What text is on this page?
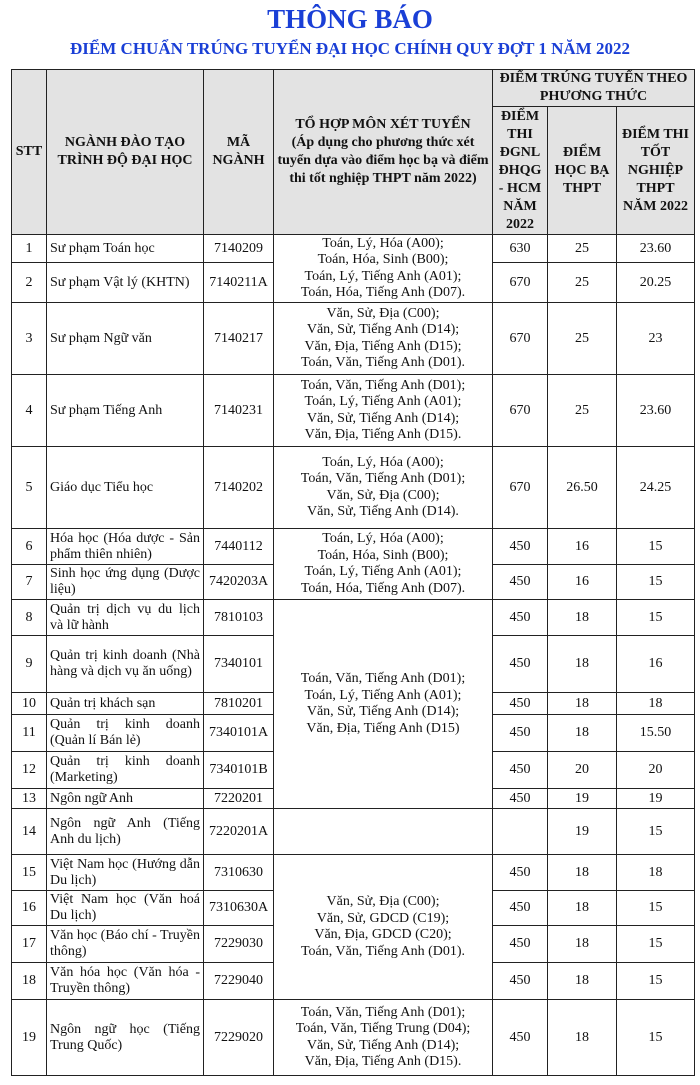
THÔNG BÁO
ĐIỂM CHUẨN TRÚNG TUYỂN ĐẠI HỌC CHÍNH QUY ĐỢT 1 NĂM 2022
STT	NGÀNH ĐÀO TẠO TRÌNH ĐỘ ĐẠI HỌC	MÃ NGÀNH	TỔ HỢP MÔN XÉT TUYỂN
(Áp dụng cho phương thức xét tuyển dựa vào điểm học bạ và điểm thi tốt nghiệp THPT năm 2022)	ĐIỂM TRÚNG TUYỂN THEO PHƯƠNG THỨC		
				ĐIỂM THI ĐGNL ĐHQG - HCM NĂM 2022	ĐIỂM HỌC BẠ THPT	ĐIỂM THI TỐT NGHIỆP THPT NĂM 2022
1	Sư phạm Toán học	7140209	Toán, Lý, Hóa (A00);
Toán, Hóa, Sinh (B00);
Toán, Lý, Tiếng Anh (A01);
Toán, Hóa, Tiếng Anh (D07).	630	25	23.60
2	Sư phạm Vật lý (KHTN)	7140211A		670	25	20.25
3	Sư phạm Ngữ văn	7140217	Văn, Sử, Địa (C00);
Văn, Sử, Tiếng Anh (D14);
Văn, Địa, Tiếng Anh (D15);
Toán, Văn, Tiếng Anh (D01).	670	25	23
4	Sư phạm Tiếng Anh	7140231	Toán, Văn, Tiếng Anh (D01);
Toán, Lý, Tiếng Anh (A01);
Văn, Sử, Tiếng Anh (D14);
Văn, Địa, Tiếng Anh (D15).	670	25	23.60
5	Giáo dục Tiểu học	7140202	Toán, Lý, Hóa (A00);
Toán, Văn, Tiếng Anh (D01);
Văn, Sử, Địa (C00);
Văn, Sử, Tiếng Anh (D14).	670	26.50	24.25
6	Hóa học (Hóa dược - Sản phẩm thiên nhiên)	7440112	Toán, Lý, Hóa (A00);
Toán, Hóa, Sinh (B00);
Toán, Lý, Tiếng Anh (A01);
Toán, Hóa, Tiếng Anh (D07).	450	16	15
7	Sinh học ứng dụng (Dược liệu)	7420203A		450	16	15
8	Quản trị dịch vụ du lịch và lữ hành	7810103	Toán, Văn, Tiếng Anh (D01);
Toán, Lý, Tiếng Anh (A01);
Văn, Sử, Tiếng Anh (D14);
Văn, Địa, Tiếng Anh (D15)	450	18	15
9	Quản trị kinh doanh (Nhà hàng và dịch vụ ăn uống)	7340101		450	18	16
10	Quản trị khách sạn	7810201		450	18	18
11	Quản trị kinh doanh (Quản lí Bán lẻ)	7340101A		450	18	15.50
12	Quản trị kinh doanh (Marketing)	7340101B		450	20	20
13	Ngôn ngữ Anh	7220201		450	19	19
14	Ngôn ngữ Anh (Tiếng Anh du lịch)	7220201A			19	15
15	Việt Nam học (Hướng dẫn Du lịch)	7310630	Văn, Sử, Địa (C00);
Văn, Sử, GDCD (C19);
Văn, Địa, GDCD (C20);
Toán, Văn, Tiếng Anh (D01).	450	18	18
16	Việt Nam học (Văn hoá Du lịch)	7310630A		450	18	15
17	Văn học (Báo chí - Truyền thông)	7229030		450	18	15
18	Văn hóa học (Văn hóa - Truyền thông)	7229040		450	18	15
19	Ngôn ngữ học (Tiếng Trung Quốc)	7229020	Toán, Văn, Tiếng Anh (D01);
Toán, Văn, Tiếng Trung (D04);
Văn, Sử, Tiếng Anh (D14);
Văn, Địa, Tiếng Anh (D15).	450	18	15
